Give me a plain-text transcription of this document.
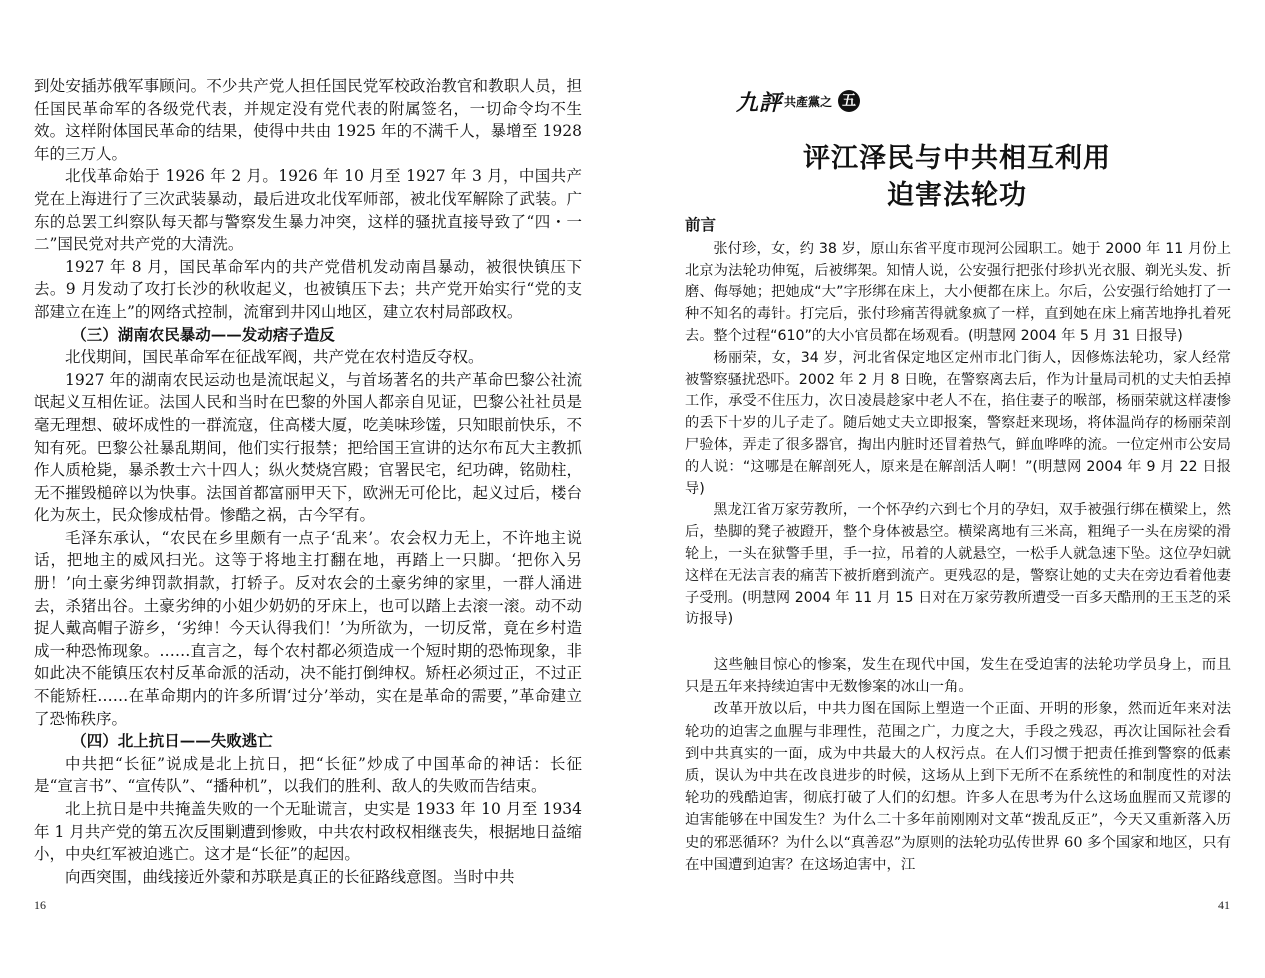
到处安插苏俄军事顾问。不少共产党人担任国民党军校政治教官和教职人员，担任国民革命军的各级党代表，并规定没有党代表的附属签名，一切命令均不生效。这样附体国民革命的结果，使得中共由 1925 年的不满千人，暴增至 1928 年的三万人。

北伐革命始于 1926 年 2 月。1926 年 10 月至 1927 年 3 月，中国共产党在上海进行了三次武装暴动，最后进攻北伐军师部，被北伐军解除了武装。广东的总罢工纠察队每天都与警察发生暴力冲突，这样的骚扰直接导致了“四・一二”国民党对共产党的大清洗。

1927 年 8 月，国民革命军内的共产党借机发动南昌暴动，被很快镇压下去。9 月发动了攻打长沙的秋收起义，也被镇压下去；共产党开始实行“党的支部建立在连上”的网络式控制，流窜到井冈山地区，建立农村局部政权。

（三）湖南农民暴动——发动痞子造反

北伐期间，国民革命军在征战军阀，共产党在农村造反夺权。

1927 年的湖南农民运动也是流氓起义，与首场著名的共产革命巴黎公社流氓起义互相佐证。法国人民和当时在巴黎的外国人都亲自见证，巴黎公社社员是毫无理想、破坏成性的一群流寇，住高楼大厦，吃美味珍馐，只知眼前快乐，不知有死。巴黎公社暴乱期间，他们实行报禁；把给国王宣讲的达尔布瓦大主教抓作人质枪毙，暴杀教士六十四人；纵火焚烧宫殿；官署民宅，纪功碑，铭勋柱，无不摧毁槌碎以为快事。法国首都富丽甲天下，欧洲无可伦比，起义过后，楼台化为灰土，民众惨成枯骨。惨酷之祸，古今罕有。

毛泽东承认，“农民在乡里颇有一点子‘乱来’。农会权力无上，不许地主说话，把地主的威风扫光。这等于将地主打翻在地，再踏上一只脚。‘把你入另册！’向土豪劣绅罚款捐款，打轿子。反对农会的土豪劣绅的家里，一群人涌进去，杀猪出谷。土豪劣绅的小姐少奶奶的牙床上，也可以踏上去滚一滚。动不动捉人戴高帽子游乡，‘劣绅！今天认得我们！’为所欲为，一切反常，竟在乡村造成一种恐怖现象。……直言之，每个农村都必须造成一个短时期的恐怖现象，非如此决不能镇压农村反革命派的活动，决不能打倒绅权。矫枉必须过正，不过正不能矫枉……在革命期内的许多所谓‘过分’举动，实在是革命的需要，”革命建立了恐怖秩序。

（四）北上抗日——失败逃亡

中共把“长征”说成是北上抗日，把“长征”炒成了中国革命的神话：长征是“宣言书”、“宣传队”、“播种机”，以我们的胜利、敌人的失败而告结束。

北上抗日是中共掩盖失败的一个无耻谎言，史实是 1933 年 10 月至 1934 年 1 月共产党的第五次反围剿遭到惨败，中共农村政权相继丧失，根据地日益缩小，中央红军被迫逃亡。这才是“长征”的起因。

向西突围，曲线接近外蒙和苏联是真正的长征路线意图。当时中共

16
九評 共產黨之 五
评江泽民与中共相互利用
迫害法轮功
前言

张付珍，女，约 38 岁，原山东省平度市现河公园职工。她于 2000 年 11 月份上北京为法轮功伸冤，后被绑架。知情人说，公安强行把张付珍扒光衣服、剃光头发、折磨、侮辱她；把她成“大”字形绑在床上，大小便都在床上。尔后，公安强行给她打了一种不知名的毒针。打完后，张付珍痛苦得就象疯了一样，直到她在床上痛苦地挣扎着死去。整个过程“610”的大小官员都在场观看。(明慧网 2004 年 5 月 31 日报导)

杨丽荣，女，34 岁，河北省保定地区定州市北门街人，因修炼法轮功，家人经常被警察骚扰恐吓。2002 年 2 月 8 日晚，在警察离去后，作为计量局司机的丈夫怕丢掉工作，承受不住压力，次日凌晨趁家中老人不在，掐住妻子的喉部，杨丽荣就这样凄惨的丢下十岁的儿子走了。随后她丈夫立即报案，警察赶来现场，将体温尚存的杨丽荣剖尸验体，弄走了很多器官，掏出内脏时还冒着热气，鲜血哗哗的流。一位定州市公安局的人说：“这哪是在解剖死人，原来是在解剖活人啊！”(明慧网 2004 年 9 月 22 日报导)

黑龙江省万家劳教所，一个怀孕约六到七个月的孕妇，双手被强行绑在横梁上，然后，垫脚的凳子被蹬开，整个身体被悬空。横梁离地有三米高，粗绳子一头在房梁的滑轮上，一头在狱警手里，手一拉，吊着的人就悬空，一松手人就急速下坠。这位孕妇就这样在无法言表的痛苦下被折磨到流产。更残忍的是，警察让她的丈夫在旁边看着他妻子受刑。(明慧网 2004 年 11 月 15 日对在万家劳教所遭受一百多天酷刑的王玉芝的采访报导)

这些触目惊心的惨案，发生在现代中国，发生在受迫害的法轮功学员身上，而且只是五年来持续迫害中无数惨案的冰山一角。

改革开放以后，中共力图在国际上塑造一个正面、开明的形象，然而近年来对法轮功的迫害之血腥与非理性，范围之广，力度之大，手段之残忍，再次让国际社会看到中共真实的一面，成为中共最大的人权污点。在人们习惯于把责任推到警察的低素质，误认为中共在改良进步的时候，这场从上到下无所不在系统性的和制度性的对法轮功的残酷迫害，彻底打破了人们的幻想。许多人在思考为什么这场血腥而又荒谬的迫害能够在中国发生？为什么二十多年前刚刚对文革“拨乱反正”，今天又重新落入历史的邪恶循环？为什么以“真善忍”为原则的法轮功弘传世界 60 多个国家和地区，只有在中国遭到迫害？在这场迫害中，江

41
